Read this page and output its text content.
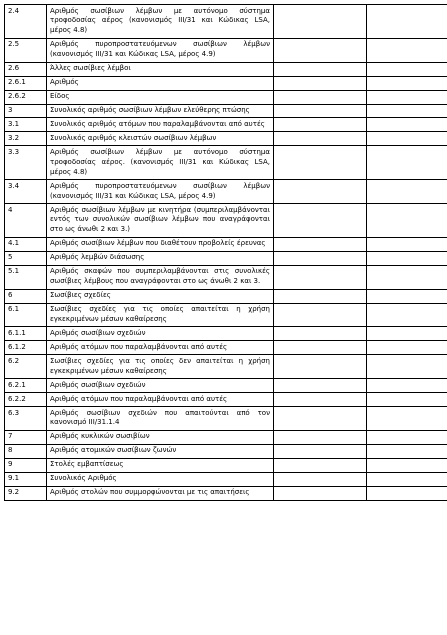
2.4	Αριθμός σωσίβιων λέμβων με αυτόνομο σύστημα τροφοδοσίας αέρος (κανονισμός III/31 και Κώδικας LSA, μέρος 4.8)		
2.5	Αριθμός πυροπροστατευόμενων σωσίβιων λέμβων (κανονισμός III/31 και Κώδικας LSA, μέρος 4.9)		
2.6	Άλλες σωσίβιες λέμβοι		
2.6.1	Αριθμός		
2.6.2	Είδος		
3	Συνολικός αριθμός σωσίβιων λέμβων ελεύθερης πτώσης		
3.1	Συνολικός αριθμός ατόμων που παραλαμβάνονται από αυτές		
3.2	Συνολικός αριθμός κλειστών σωσίβιων λέμβων		
3.3	Αριθμός σωσίβιων λέμβων με αυτόνομο σύστημα τροφοδοσίας αέρος. (κανονισμός III/31 και Κώδικας LSA, μέρος 4.8)		
3.4	Αριθμός πυροπροστατευόμενων σωσίβιων λέμβων (κανονισμός III/31 και Κώδικας LSA, μέρος 4.9)		
4	Αριθμός σωσίβιων λέμβων με κινητήρα (συμπεριλαμβάνονται εντός των συνολικών σωσίβιων λέμβων που αναγράφονται στο ως άνωθι 2 και 3.)		
4.1	Αριθμός σωσίβιων λέμβων που διαθέτουν προβολείς έρευνας		
5	Αριθμός λεμβών διάσωσης		
5.1	Αριθμός σκαφών που συμπεριλαμβάνονται στις συνολικές σωσίβιες λέμβους που αναγράφονται στο ως άνωθι 2 και 3.		
6	Σωσίβιες σχεδίες		
6.1	Σωσίβιες σχεδίες για τις οποίες απαιτείται η χρήση εγκεκριμένων μέσων καθαίρεσης		
6.1.1	Αριθμός σωσίβιων σχεδιών		
6.1.2	Αριθμός ατόμων που παραλαμβάνονται από αυτές		
6.2	Σωσίβιες σχεδίες για τις οποίες δεν απαιτείται η χρήση εγκεκριμένων μέσων καθαίρεσης		
6.2.1	Αριθμός σωσίβιων σχεδιών		
6.2.2	Αριθμός ατόμων που παραλαμβάνονται από αυτές		
6.3	Αριθμός σωσίβιων σχεδιών που απαιτούνται από τον κανονισμό III/31.1.4		
7	Αριθμός κυκλικών σωσιβίων		
8	Αριθμός ατομικών σωσίβιων ζωνών		
9	Στολές εμβαπτίσεως		
9.1	Συνολικός Αριθμός		
9.2	Αριθμός στολών που συμμορφώνονται με τις απαιτήσεις		
